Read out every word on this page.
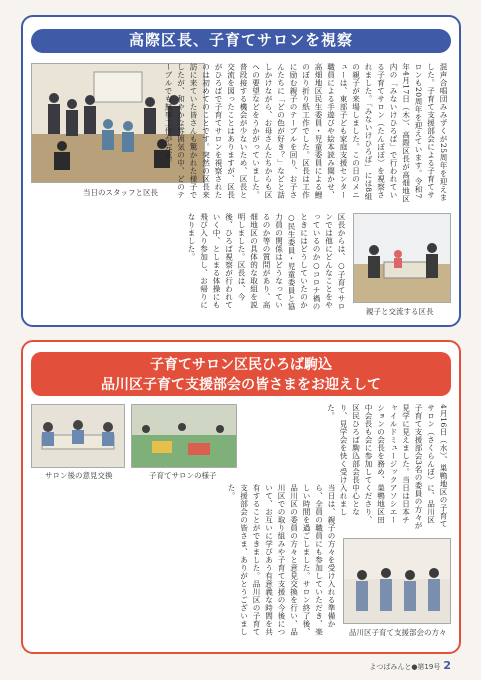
高際区長、子育てサロンを視察
当日のスタッフと区長	混声合唱団みみずくが25周年を迎えました。子育て支援部会による子育てサロンも20周年を迎えています。令和7年4月17日（木）、高際区長が高畑地区内の「みないけひろば」で行われている子育てサロン（たんぽぽ）を視察されました。「みないけひろば」には8組の親子が来場しました。この日のメニューは、東部子ども家庭支援センター職員による手遊びや絵本読み聞かせ、高畑地区民生委員・児童委員による鯉のぼり折り紙工作でした。区長は工作に励む親子のテーブルを回り、お子さんたちに「どの色が好き？」などと話しかけながら、お母さんたちからも区への要望などをうかがっていました。普段接する機会が少ないため、区長と交流を図ったことはありますが、区長がひろばで子育てサロンを視察されたのは初めてのことです。突然の区長来訪に来ていた皆さんも驚かれた様子でしたが、和やかな雰囲気の中、どのテーブルでも無事工作が完成。
親子と交流する区長
区長からは、○子育てサロンでは他にどんなことをやっているのか○コロナ禍のときにはどうしていたのか○民生委員・児童委員と協力員の関係はどうなっているのか等の質問があり、高畑地区の具体的な取組を説明しました。区長は、今後、ひろば視察が行われていく中、としまる体操にも飛び入り参加し、お帰りになりました。
子育てサロン区民ひろば駒込
品川区子育て支援部会の皆さまをお迎えして
サロン後の意見交換	子育てサロンの様子	4月16日（水）、巣鴨地区の子育てサロン（さくらんぼ）に、品川区子育て支援部会3名の委員の方々が見学に見えました。当日は日本チャイルドミュージックアソシエーションの会長を務め、巣鴨地区田中会長も会に参加してくださり、区民ひろば駒込部会長中心となり、見学会を快く受け入れました。
当日は、親子の方々を受け入れる準備から、全員の職員にも参加していただき、楽しい時間を過ごしました。サロン終了後、品川区の委員の方々と意見交換を行い、品川区での取り組みや子育て支援の今後について、お互いに学びあう有意義な時間を共有することができました。品川区の子育て支援部会の皆さま、ありがとうございました。
品川区子育て支援部会の方々
よつばみんと●第19号 2
